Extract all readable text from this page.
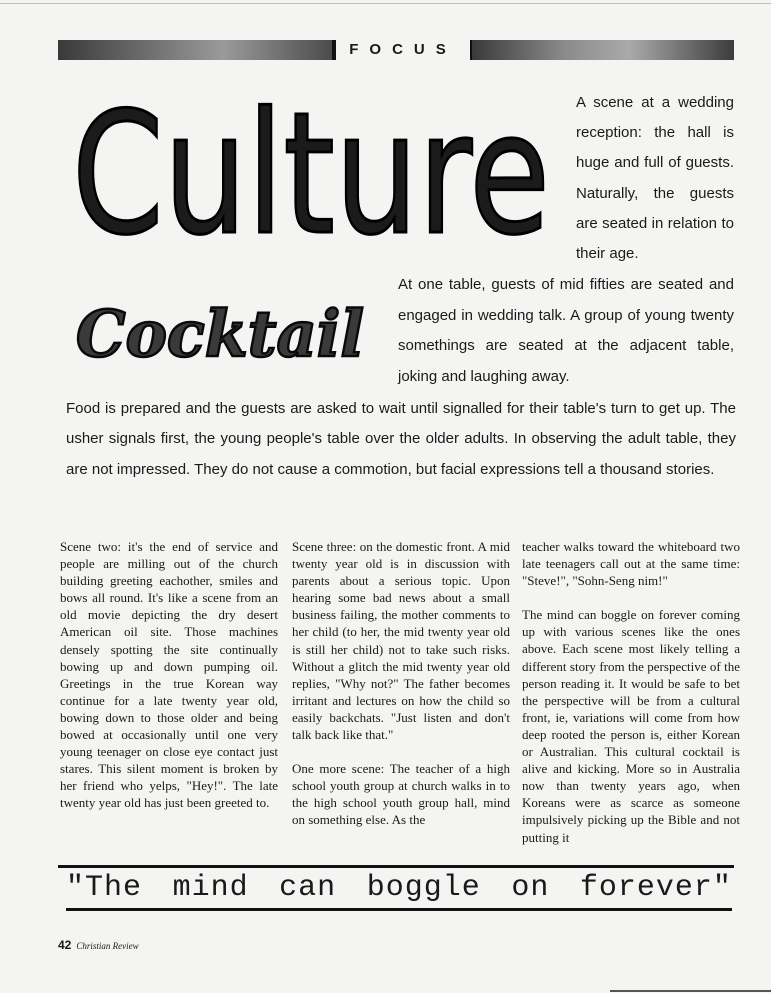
FOCUS
Culture
Cocktail
A scene at a wedding reception: the hall is huge and full of guests. Naturally, the guests are seated in relation to their age.
At one table, guests of mid fifties are seated and engaged in wedding talk. A group of young twenty somethings are seated at the adjacent table, joking and laughing away.
Food is prepared and the guests are asked to wait until signalled for their table's turn to get up. The usher signals first, the young people's table over the older adults. In observing the adult table, they are not impressed. They do not cause a commotion, but facial expressions tell a thousand stories.

Scene two: it's the end of service and people are milling out of the church building greeting eachother, smiles and bows all round. It's like a scene from an old movie depicting the dry desert American oil site. Those machines densely spotting the site continually bowing up and down pumping oil. Greetings in the true Korean way continue for a late twenty year old, bowing down to those older and being bowed at occasionally until one very young teenager on close eye contact just stares. This silent moment is broken by her friend who yelps, "Hey!". The late twenty year old has just been greeted to.

Scene three: on the domestic front. A mid twenty year old is in discussion with parents about a serious topic. Upon hearing some bad news about a small business failing, the mother comments to her child (to her, the mid twenty year old is still her child) not to take such risks. Without a glitch the mid twenty year old replies, "Why not?" The father becomes irritant and lectures on how the child so easily backchats. "Just listen and don't talk back like that."

One more scene: The teacher of a high school youth group at church walks in to the high school youth group hall, mind on something else. As the

teacher walks toward the whiteboard two late teenagers call out at the same time: "Steve!", "Sohn-Seng nim!"

The mind can boggle on forever coming up with various scenes like the ones above. Each scene most likely telling a different story from the perspective of the person reading it. It would be safe to bet the perspective will be from a cultural front, ie, variations will come from how deep rooted the person is, either Korean or Australian. This cultural cocktail is alive and kicking. More so in Australia now than twenty years ago, when Koreans were as scarce as someone impulsively picking up the Bible and not putting it

"The mind can boggle on forever"
42 Christian Review
